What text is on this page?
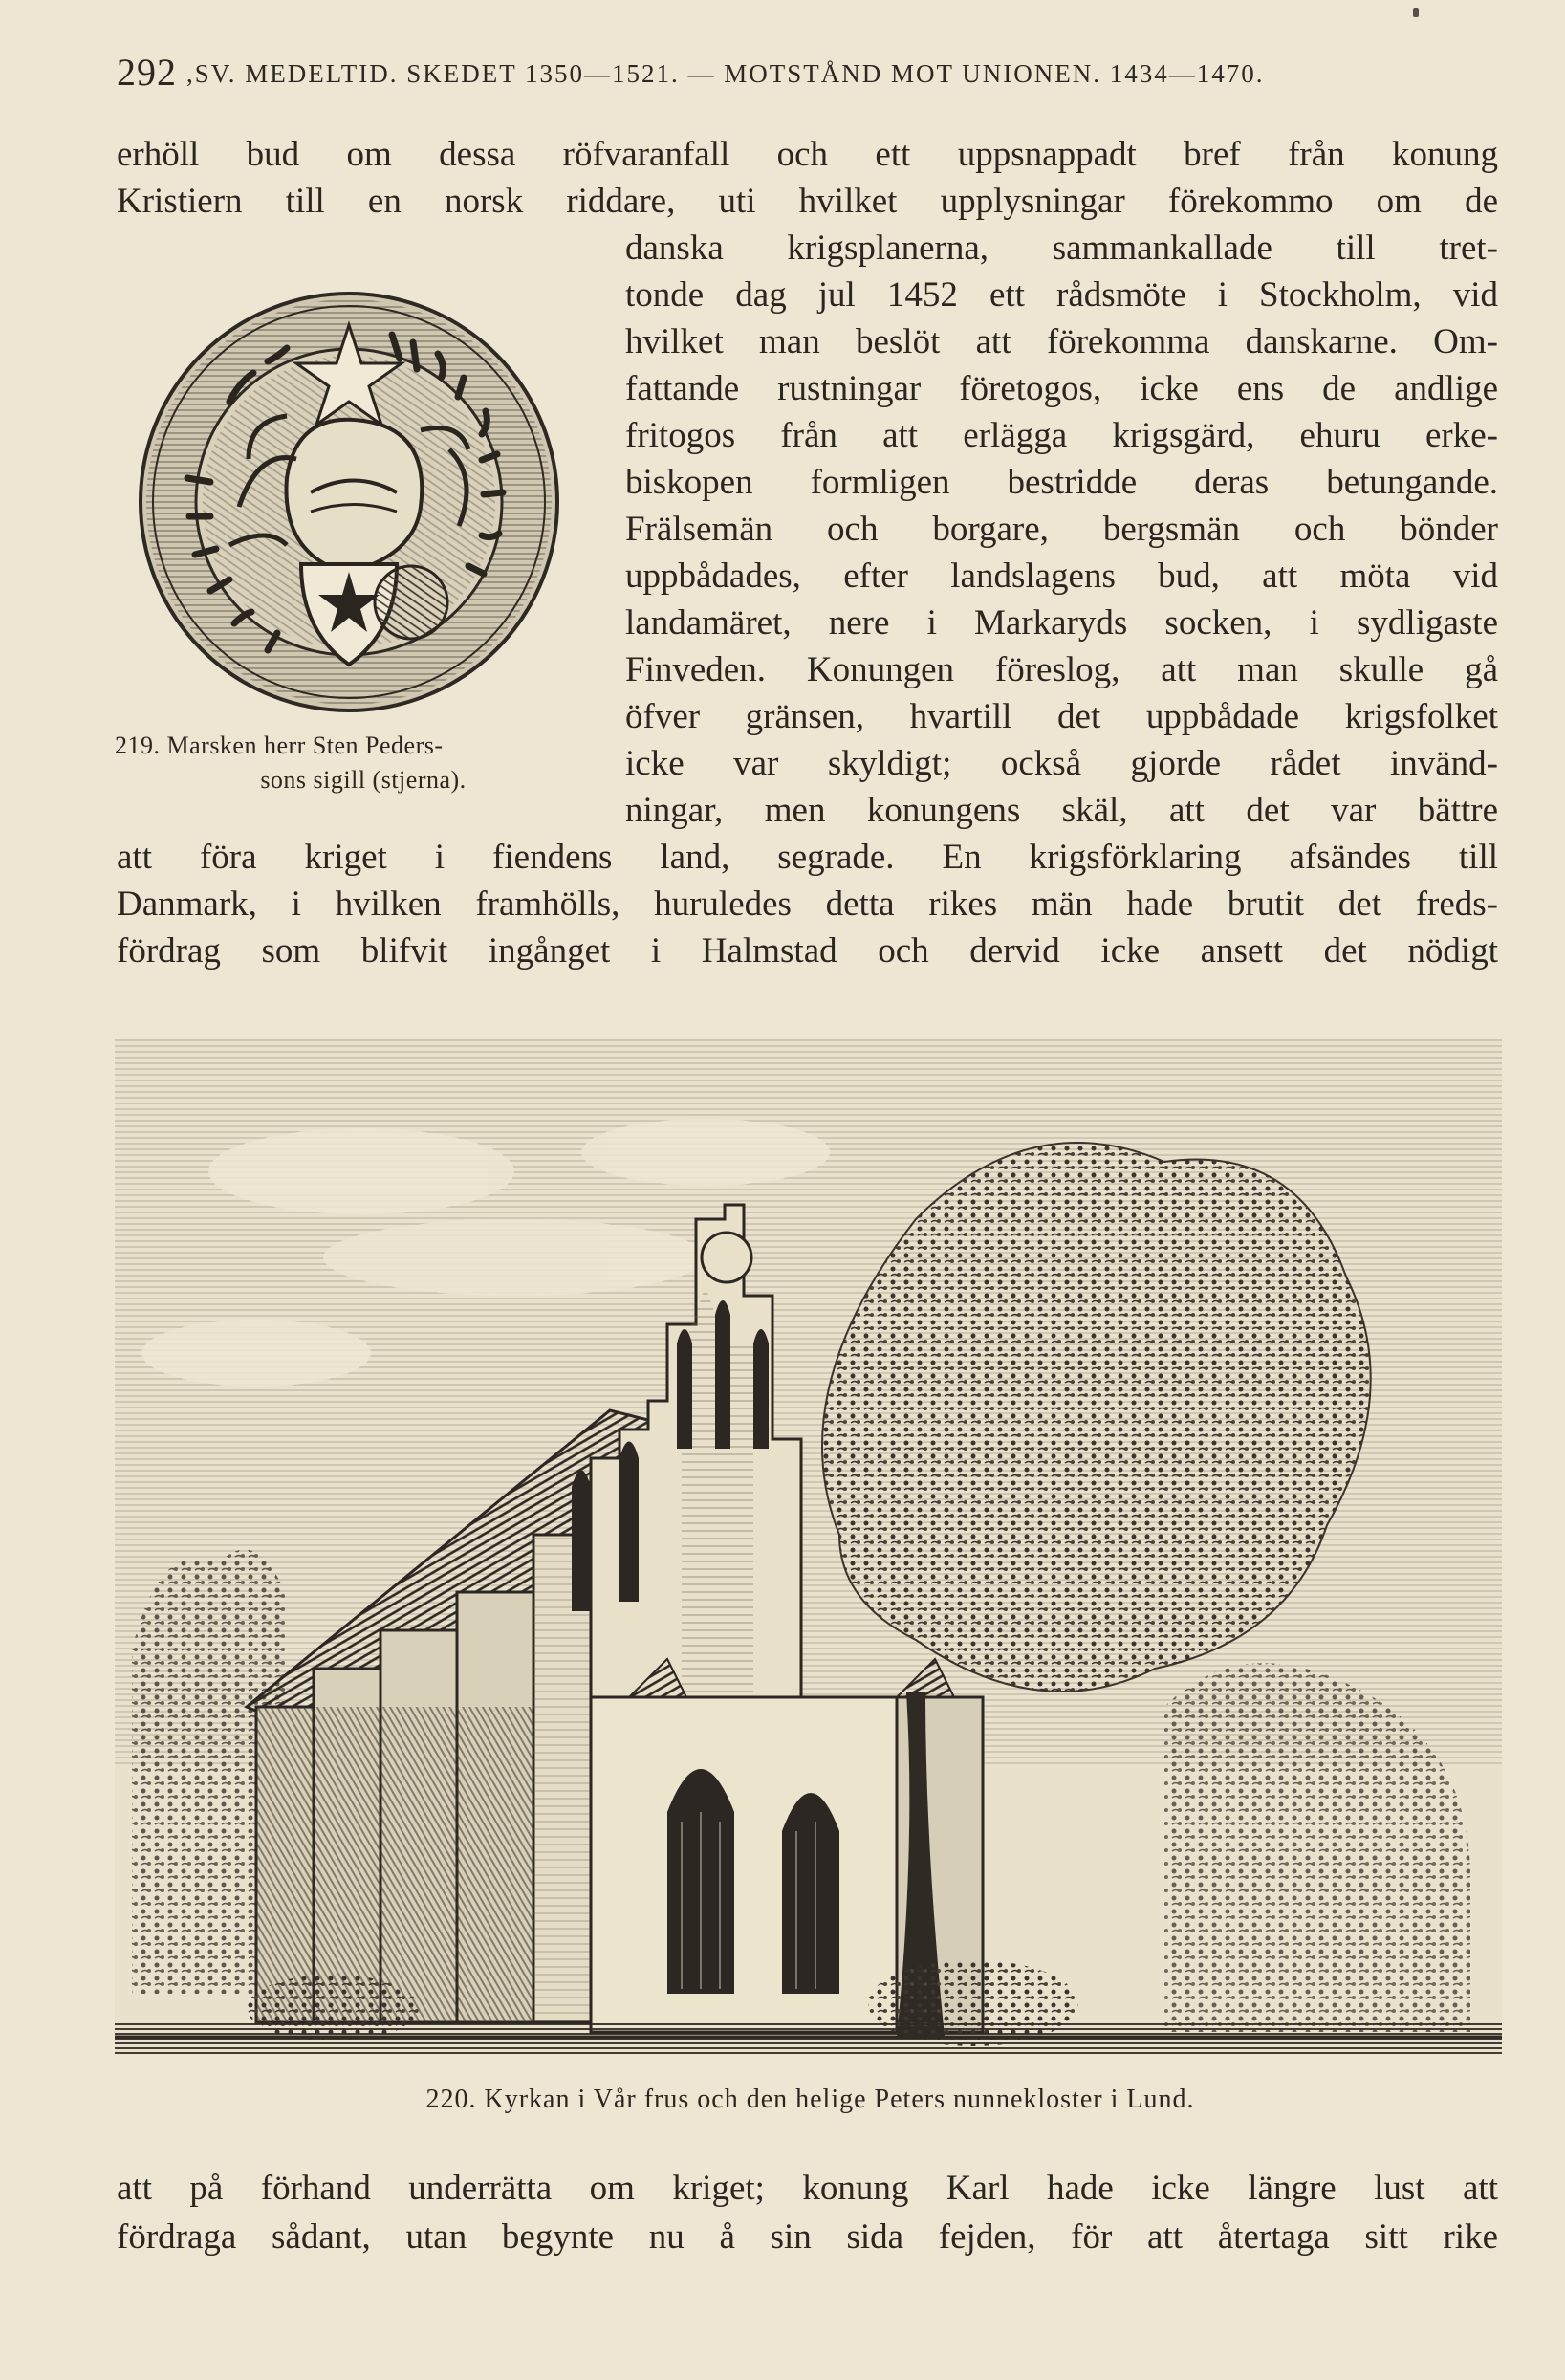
292 ,SV. MEDELTID. SKEDET 1350—1521. — MOTSTÅND MOT UNIONEN. 1434—1470.
erhöll bud om dessa röfvaranfall och ett uppsnappadt bref från konung
Kristiern till en norsk riddare, uti hvilket upplysningar förekommo om de
danska krigsplanerna, sammankallade till tret-
tonde dag jul 1452 ett rådsmöte i Stockholm, vid
hvilket man beslöt att förekomma danskarne. Om-
fattande rustningar företogos, icke ens de andlige
fritogos från att erlägga krigsgärd, ehuru erke-
biskopen formligen bestridde deras betungande.
Frälsemän och borgare, bergsmän och bönder
uppbådades, efter landslagens bud, att möta vid
landamäret, nere i Markaryds socken, i sydligaste
Finveden. Konungen föreslog, att man skulle gå
öfver gränsen, hvartill det uppbådade krigsfolket
icke var skyldigt; också gjorde rådet invänd-
ningar, men konungens skäl, att det var bättre
att föra kriget i fiendens land, segrade. En krigsförklaring afsändes till
Danmark, i hvilken framhölls, huruledes detta rikes män hade brutit det freds-
fördrag som blifvit ingånget i Halmstad och dervid icke ansett det nödigt
219. Marsken herr Sten Peders-
sons sigill (stjerna).
220. Kyrkan i Vår frus och den helige Peters nunnekloster i Lund.
att på förhand underrätta om kriget; konung Karl hade icke längre lust att
fördraga sådant, utan begynte nu å sin sida fejden, för att återtaga sitt rike
